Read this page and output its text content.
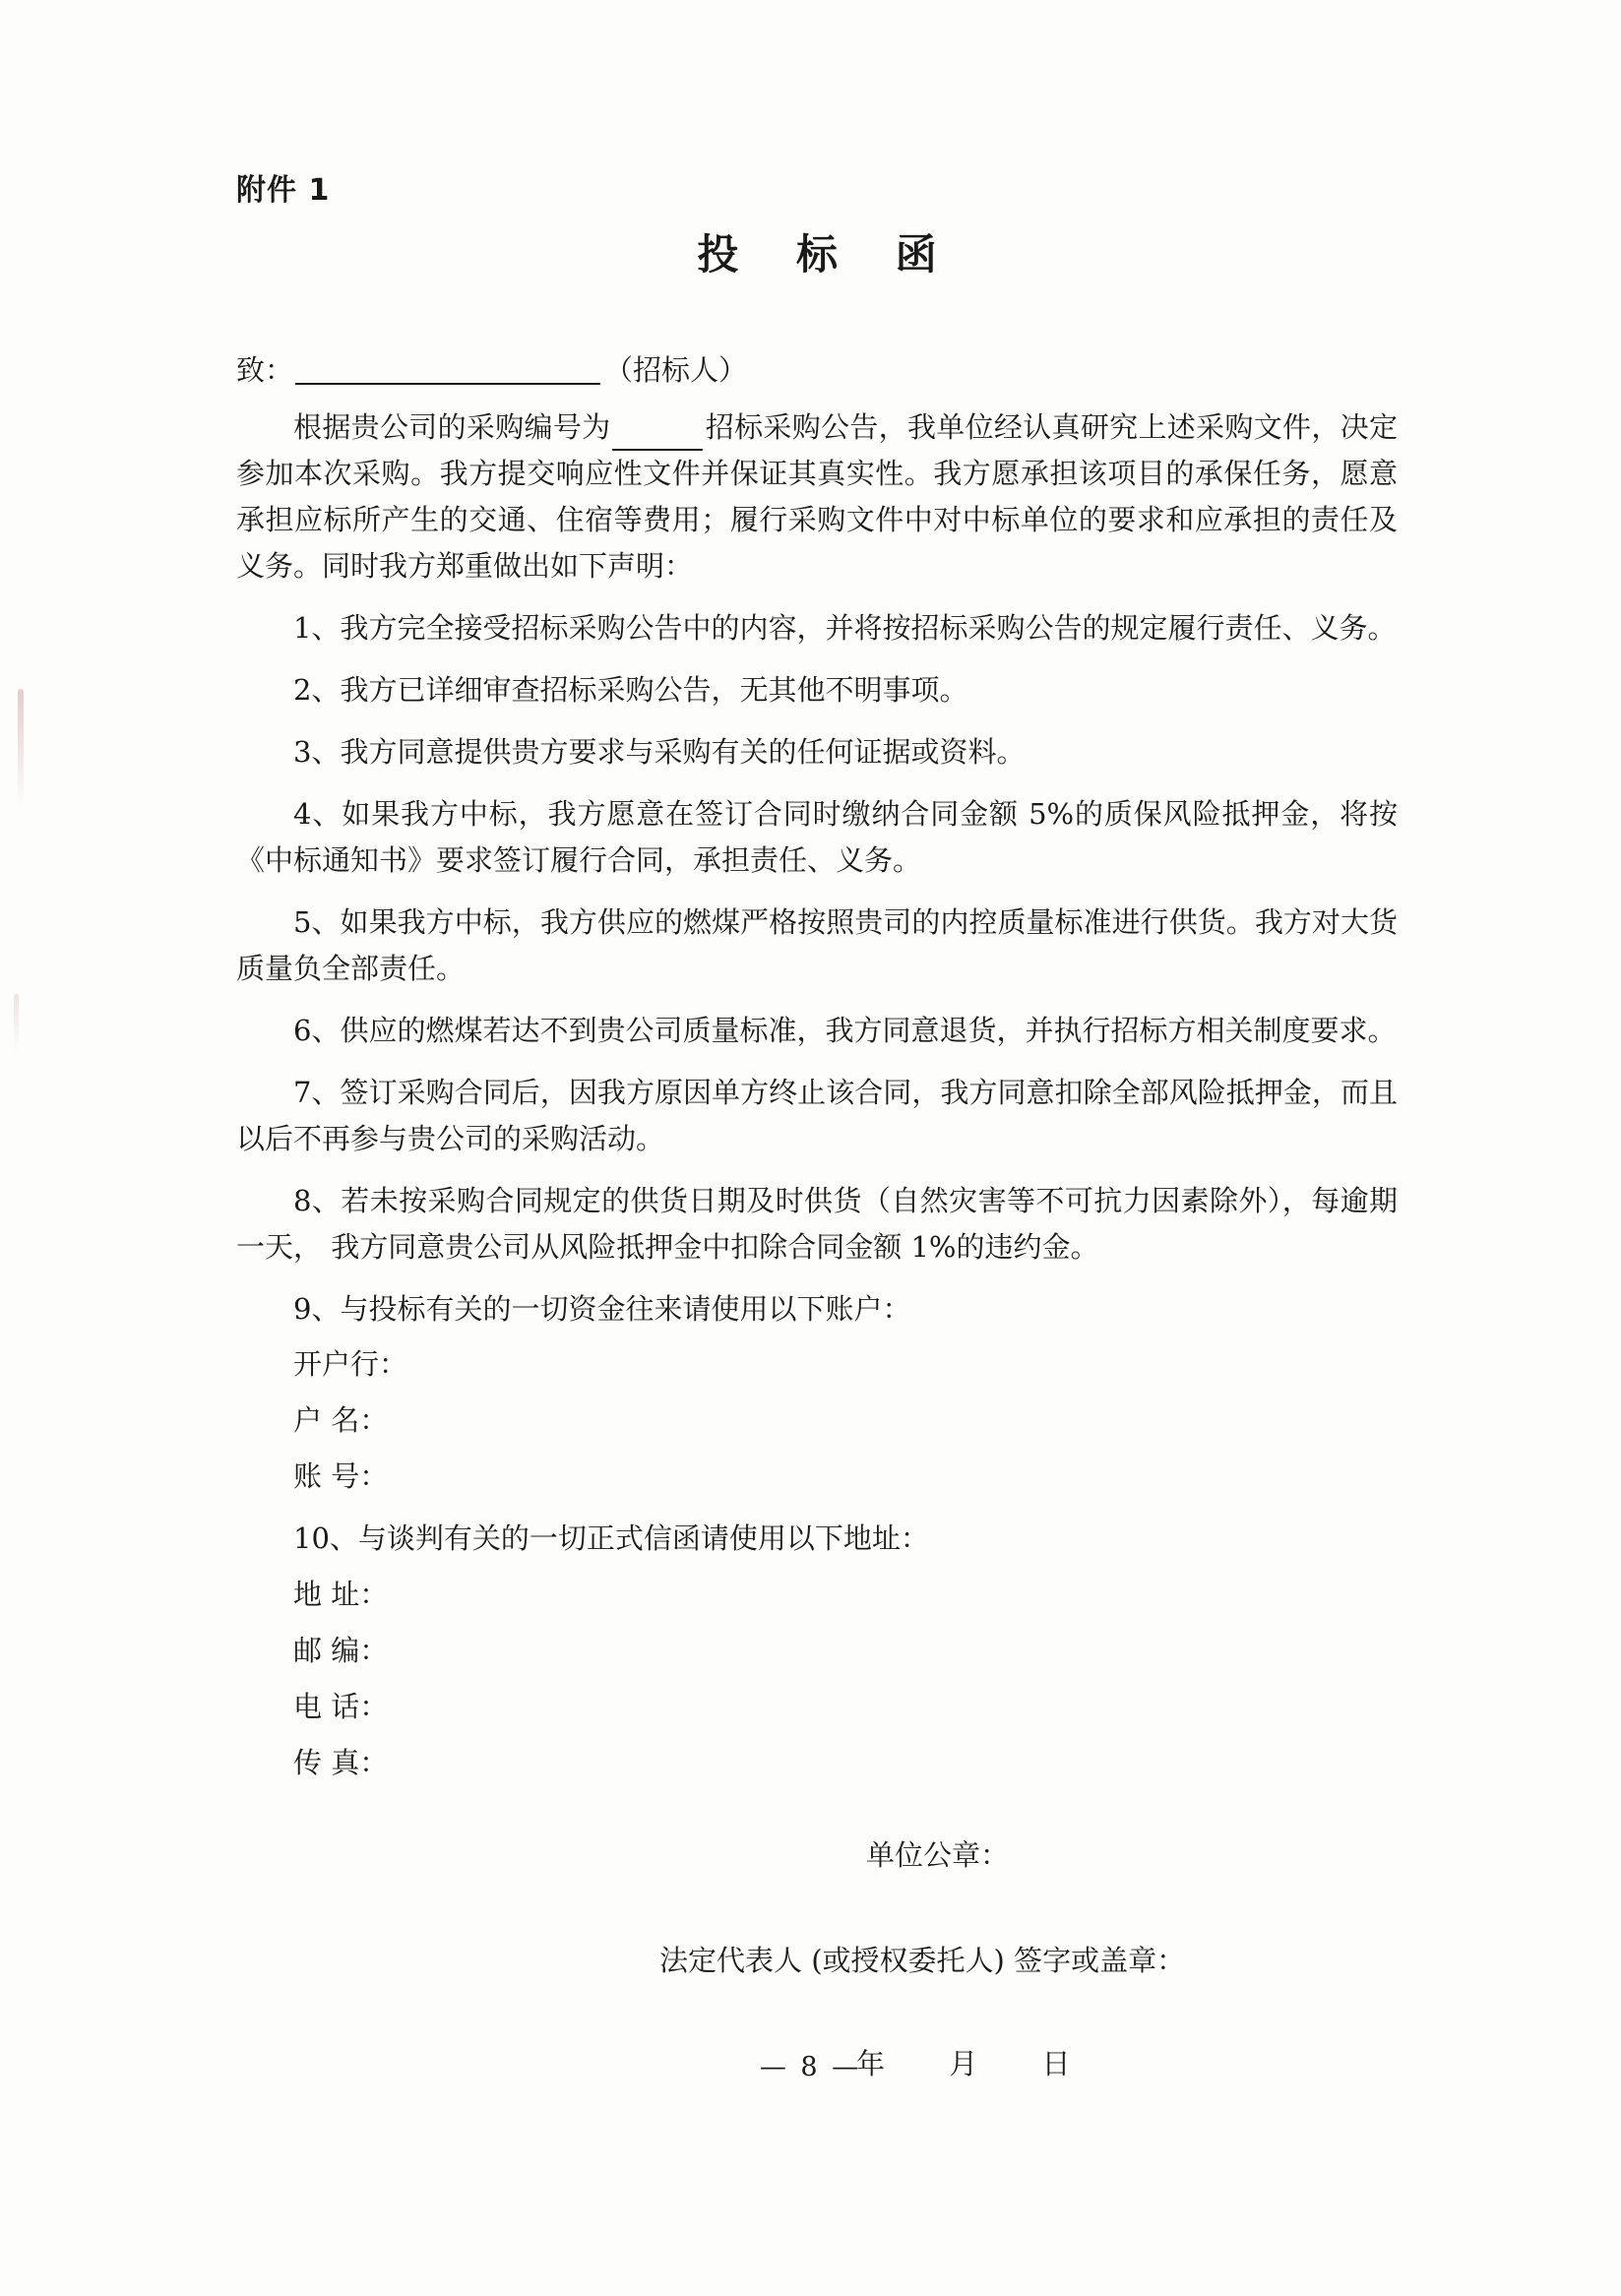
附件 1
投 标 函
致：	（招标人）

根据贵公司的采购编号为	招标采购公告，我单位经认真研究上述采购文件，决定参加本次采购。我方提交响应性文件并保证其真实性。我方愿承担该项目的承保任务，愿意承担应标所产生的交通、住宿等费用；履行采购文件中对中标单位的要求和应承担的责任及义务。同时我方郑重做出如下声明：

1、我方完全接受招标采购公告中的内容，并将按招标采购公告的规定履行责任、义务。

2、我方已详细审查招标采购公告，无其他不明事项。

3、我方同意提供贵方要求与采购有关的任何证据或资料。

4、如果我方中标，我方愿意在签订合同时缴纳合同金额 5%的质保风险抵押金，将按《中标通知书》要求签订履行合同，承担责任、义务。

5、如果我方中标，我方供应的燃煤严格按照贵司的内控质量标准进行供货。我方对大货质量负全部责任。

6、供应的燃煤若达不到贵公司质量标准，我方同意退货，并执行招标方相关制度要求。

7、签订采购合同后，因我方原因单方终止该合同，我方同意扣除全部风险抵押金，而且以后不再参与贵公司的采购活动。

8、若未按采购合同规定的供货日期及时供货（自然灾害等不可抗力因素除外），每逾期一天， 我方同意贵公司从风险抵押金中扣除合同金额 1%的违约金。

9、与投标有关的一切资金往来请使用以下账户：

开户行：
户 名：
账 号：

10、与谈判有关的一切正式信函请使用以下地址：

地 址：
邮 编：
电 话：
传 真：
单位公章：
法定代表人 (或授权委托人) 签字或盖章：
年 月 日
— 8 —
